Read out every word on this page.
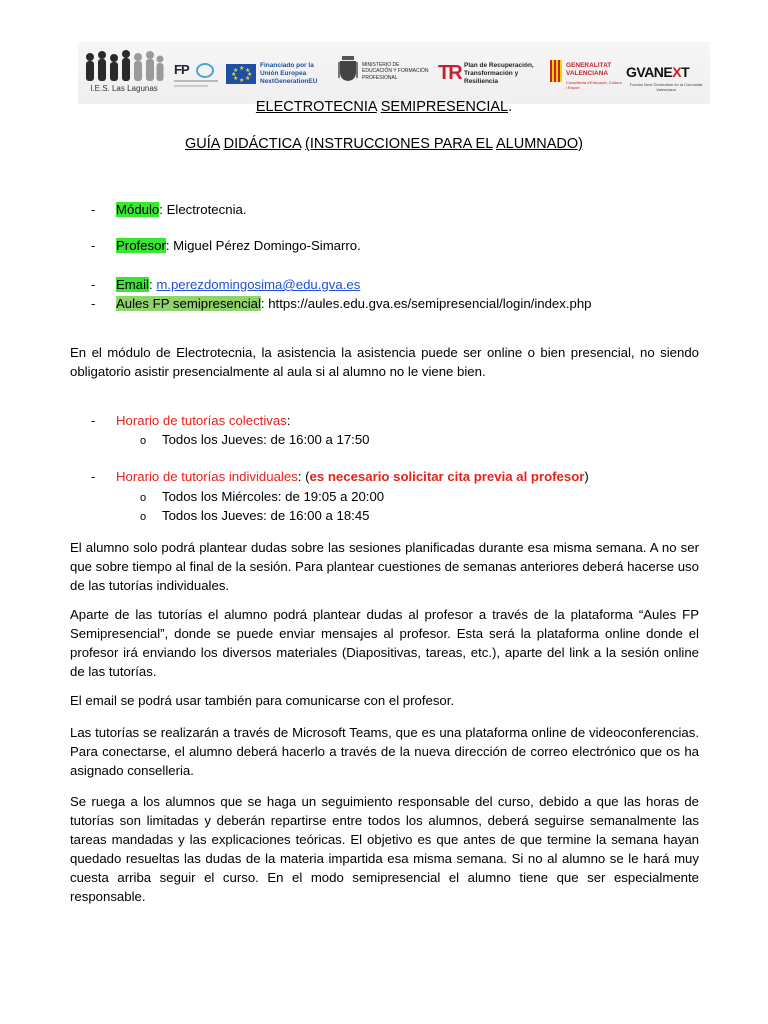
I.E.S. Las Lagunas
FP	★ ★
★
★
★
★
★
★
Financiado por la Unión Europea NextGenerationEU
MINISTERIO DE EDUCACIÓN Y FORMACIÓN PROFESIONAL	TR Plan de Recuperación, Transformación y Resiliencia
GENERALITAT VALENCIANA
Conselleria d'Educació, Cultura i Esport
GVANEXT
Fondos Next Generation en la Comunitat Valenciana
ELECTROTECNIA SEMIPRESENCIAL.
GUÍA DIDÁCTICA (INSTRUCCIONES PARA EL ALUMNADO)
- Módulo: Electrotecnia.
- Profesor: Miguel Pérez Domingo-Simarro.
- Email: m.perezdomingosima@edu.gva.es
- Aules FP semipresencial: https://aules.edu.gva.es/semipresencial/login/index.php
En el módulo de Electrotecnia, la asistencia la asistencia puede ser online o bien presencial, no siendo obligatorio asistir presencialmente al aula si al alumno no le viene bien.
- Horario de tutorías colectivas:
o Todos los Jueves: de 16:00 a 17:50
- Horario de tutorías individuales: (es necesario solicitar cita previa al profesor)
o Todos los Miércoles: de 19:05 a 20:00
o Todos los Jueves: de 16:00 a 18:45
El alumno solo podrá plantear dudas sobre las sesiones planificadas durante esa misma semana. A no ser que sobre tiempo al final de la sesión. Para plantear cuestiones de semanas anteriores deberá hacerse uso de las tutorías individuales.
Aparte de las tutorías el alumno podrá plantear dudas al profesor a través de la plataforma “Aules FP Semipresencial”, donde se puede enviar mensajes al profesor. Esta será la plataforma online donde el profesor irá enviando los diversos materiales (Diapositivas, tareas, etc.), aparte del link a la sesión online de las tutorías.
El email se podrá usar también para comunicarse con el profesor.
Las tutorías se realizarán a través de Microsoft Teams, que es una plataforma online de videoconferencias. Para conectarse, el alumno deberá hacerlo a través de la nueva dirección de correo electrónico que os ha asignado conselleria.
Se ruega a los alumnos que se haga un seguimiento responsable del curso, debido a que las horas de tutorías son limitadas y deberán repartirse entre todos los alumnos, deberá seguirse semanalmente las tareas mandadas y las explicaciones teóricas. El objetivo es que antes de que termine la semana hayan quedado resueltas las dudas de la materia impartida esa misma semana. Si no al alumno se le hará muy cuesta arriba seguir el curso. En el modo semipresencial el alumno tiene que ser especialmente responsable.
